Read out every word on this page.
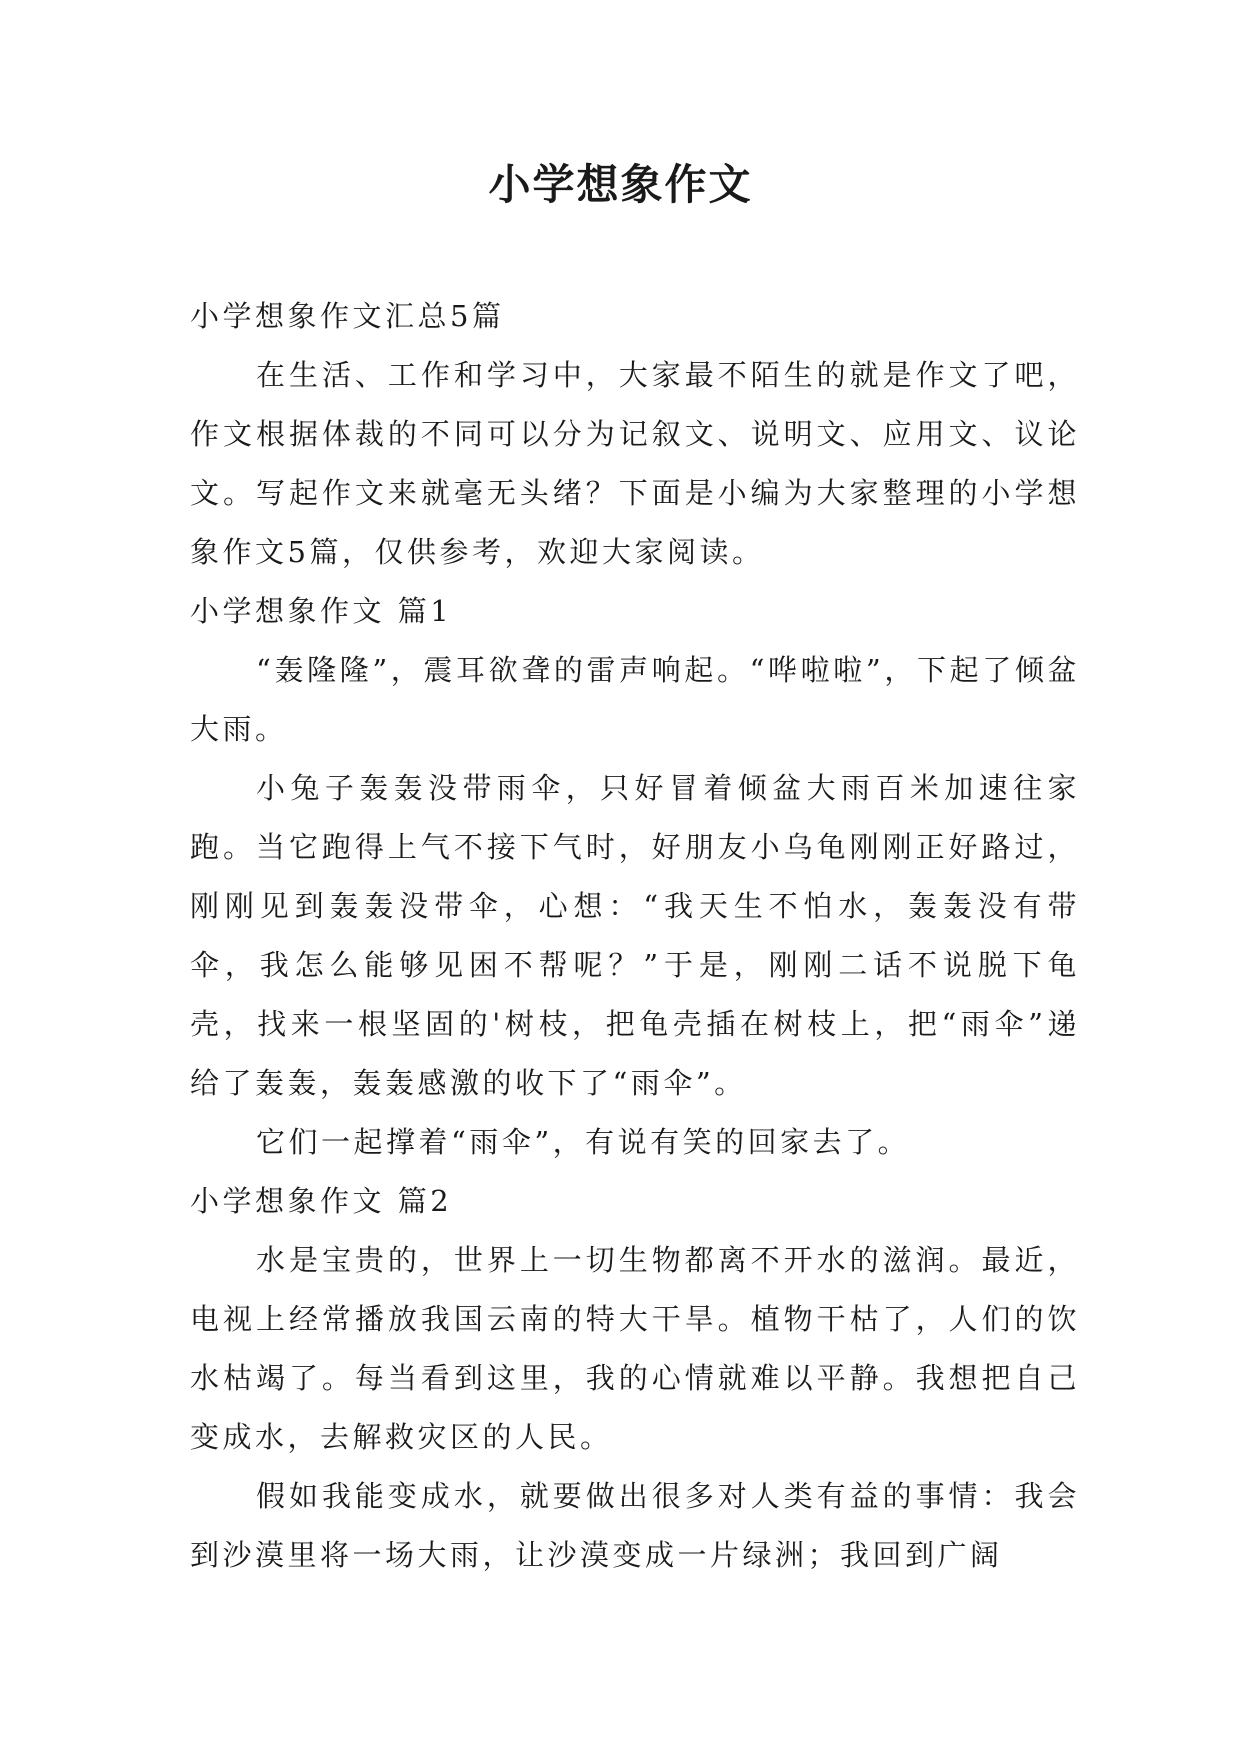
小学想象作文

小学想象作文汇总5篇

在生活、工作和学习中，大家最不陌生的就是作文了吧，作文根据体裁的不同可以分为记叙文、说明文、应用文、议论文。写起作文来就毫无头绪？下面是小编为大家整理的小学想象作文5篇，仅供参考，欢迎大家阅读。

小学想象作文 篇1

“轰隆隆”，震耳欲聋的雷声响起。“哗啦啦”，下起了倾盆大雨。

小兔子轰轰没带雨伞，只好冒着倾盆大雨百米加速往家跑。当它跑得上气不接下气时，好朋友小乌龟刚刚正好路过，刚刚见到轰轰没带伞，心想：“我天生不怕水，轰轰没有带伞，我怎么能够见困不帮呢？”于是，刚刚二话不说脱下龟壳，找来一根坚固的'树枝，把龟壳插在树枝上，把“雨伞”递给了轰轰，轰轰感激的收下了“雨伞”。

它们一起撑着“雨伞”，有说有笑的回家去了。

小学想象作文 篇2

水是宝贵的，世界上一切生物都离不开水的滋润。最近，电视上经常播放我国云南的特大干旱。植物干枯了，人们的饮水枯竭了。每当看到这里，我的心情就难以平静。我想把自己变成水，去解救灾区的人民。

假如我能变成水，就要做出很多对人类有益的事情：我会到沙漠里将一场大雨，让沙漠变成一片绿洲；我回到广阔
